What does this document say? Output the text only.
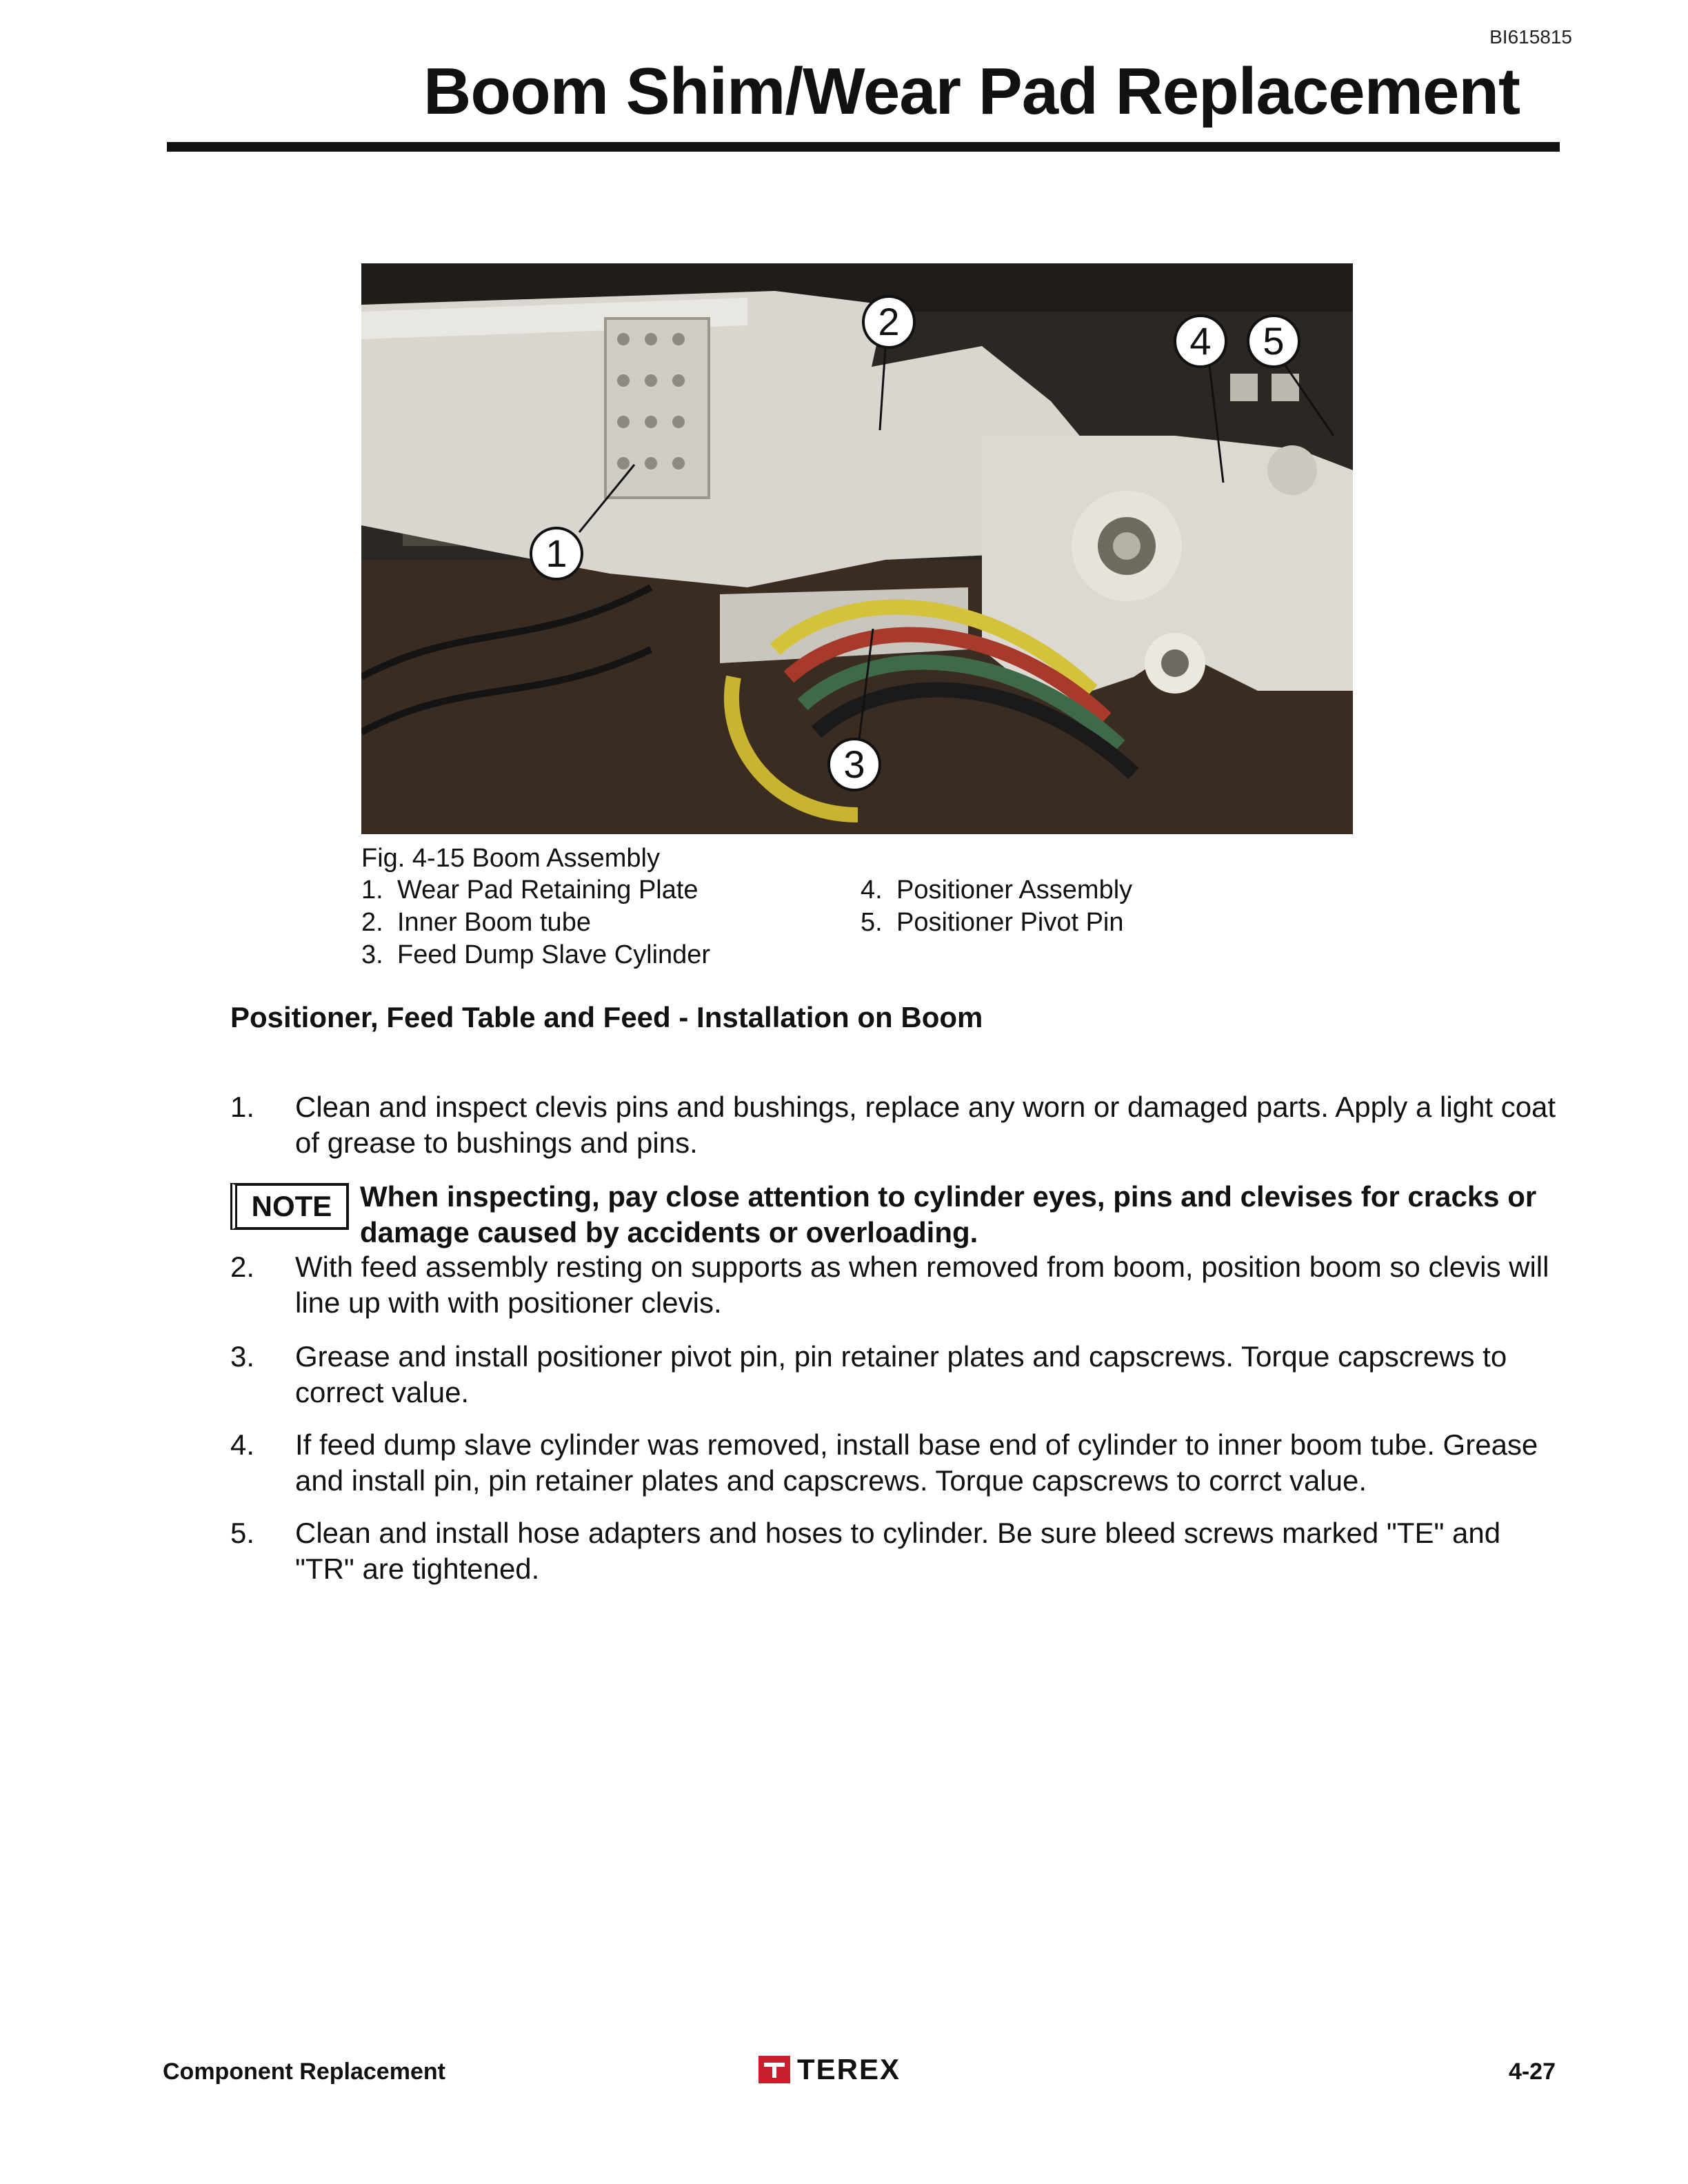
BI615815
Boom Shim/Wear Pad Replacement
1
2
3
4	5
Fig. 4-15 Boom Assembly
1. Wear Pad Retaining Plate
2. Inner Boom tube
3. Feed Dump Slave Cylinder
4. Positioner Assembly
5. Positioner Pivot Pin
Positioner, Feed Table and Feed - Installation on Boom
1. Clean and inspect clevis pins and bushings, replace any worn or damaged parts. Apply a light coat of grease to bushings and pins.
NOTE When inspecting, pay close attention to cylinder eyes, pins and clevises for cracks or damage caused by accidents or overloading.
2. With feed assembly resting on supports as when removed from boom, position boom so clevis will line up with with positioner clevis.
3. Grease and install positioner pivot pin, pin retainer plates and capscrews. Torque capscrews to correct value.
4. If feed dump slave cylinder was removed, install base end of cylinder to inner boom tube. Grease and install pin, pin retainer plates and capscrews. Torque capscrews to corrct value.
5. Clean and install hose adapters and hoses to cylinder. Be sure bleed screws marked "TE" and "TR" are tightened.
Component Replacement	TEREX	4-27
